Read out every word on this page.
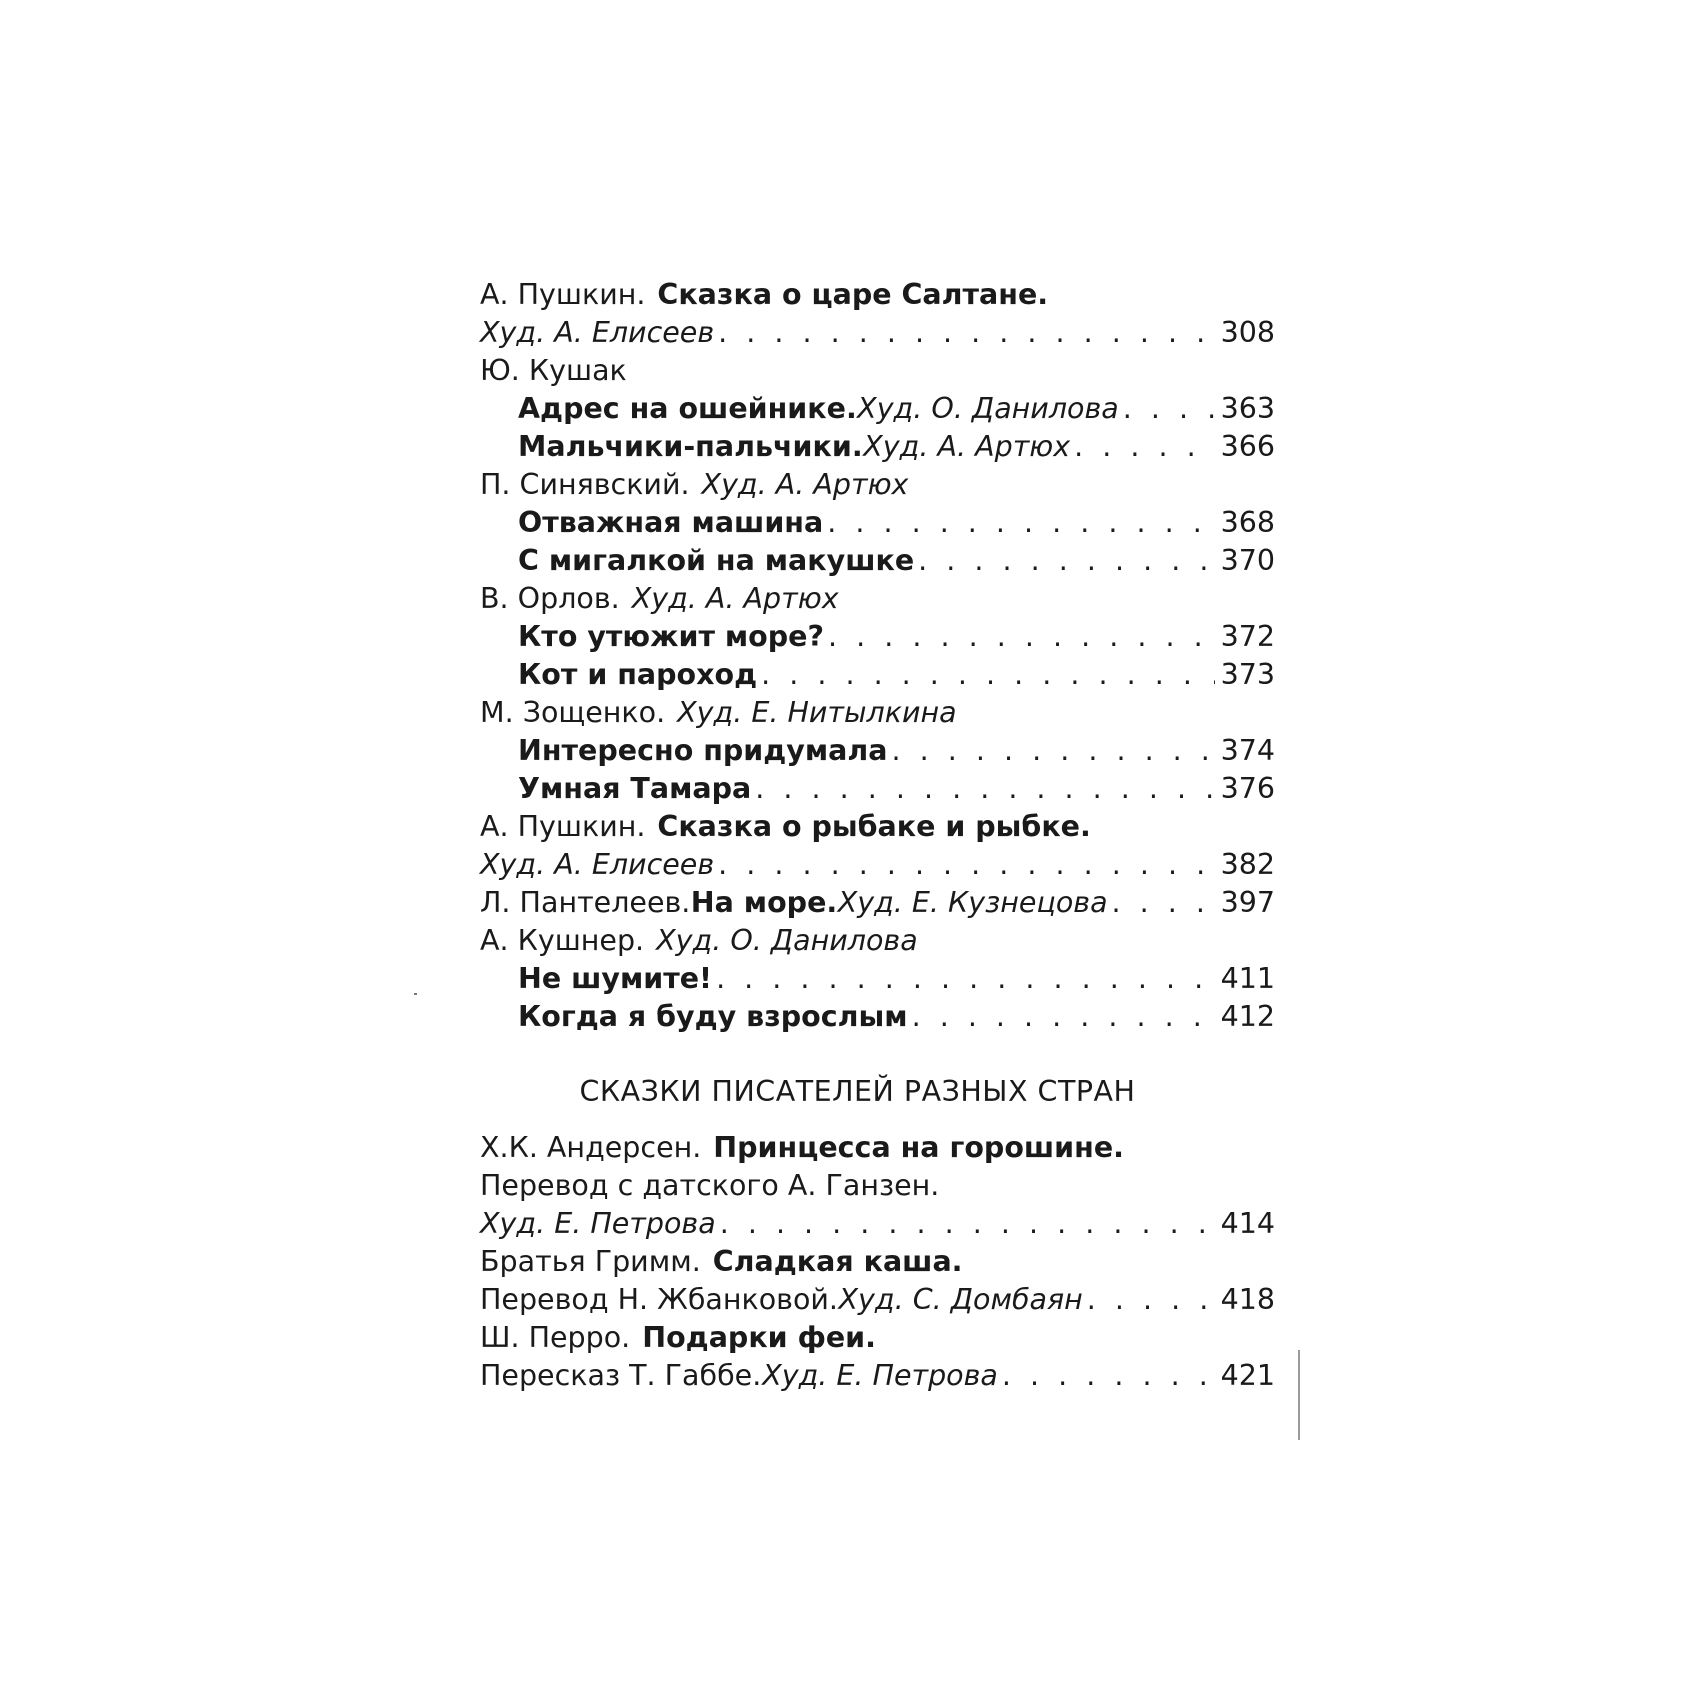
А. Пушкин. Сказка о царе Салтане.
Худ. А. Елисеев . . .	308
Ю. Кушак
Адрес на ошейнике. Худ. О. Данилова . . .	363
Мальчики-пальчики. Худ. А. Артюх . . .	366
П. Синявский. Худ. А. Артюх
Отважная машина . . .	368
С мигалкой на макушке . . .	370
В. Орлов. Худ. А. Артюх
Кто утюжит море? . . .	372
Кот и пароход . . .	373
М. Зощенко. Худ. Е. Нитылкина
Интересно придумала . . .	374
Умная Тамара . . .	376
А. Пушкин. Сказка о рыбаке и рыбке.
Худ. А. Елисеев . . .	382
Л. Пантелеев. На море. Худ. Е. Кузнецова . . .	397
А. Кушнер. Худ. О. Данилова
Не шумите! . . .	411
Когда я буду взрослым . . .	412
СКАЗКИ ПИСАТЕЛЕЙ РАЗНЫХ СТРАН
Х.К. Андерсен. Принцесса на горошине.
Перевод с датского А. Ганзен.
Худ. Е. Петрова . . .	414
Братья Гримм. Сладкая каша.
Перевод Н. Жбанковой. Худ. С. Домбаян . . .	418
Ш. Перро. Подарки феи.
Пересказ Т. Габбе. Худ. Е. Петрова . . .	421
